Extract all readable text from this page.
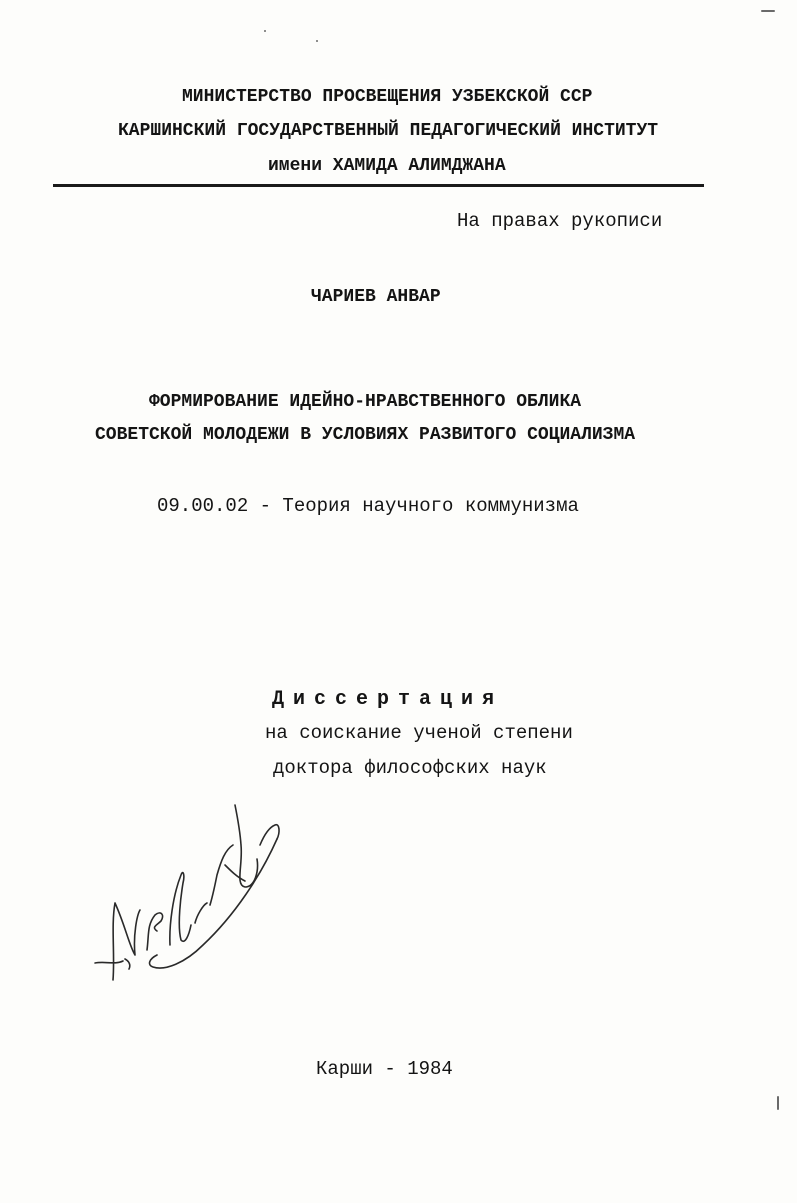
МИНИСТЕРСТВО ПРОСВЕЩЕНИЯ УЗБЕКСКОЙ ССР
КАРШИНСКИЙ ГОСУДАРСТВЕННЫЙ ПЕДАГОГИЧЕСКИЙ ИНСТИТУТ
имени ХАМИДА АЛИМДЖАНА
На правах рукописи
ЧАРИЕВ АНВАР
ФОРМИРОВАНИЕ ИДЕЙНО-НРАВСТВЕННОГО ОБЛИКА
СОВЕТСКОЙ МОЛОДЕЖИ В УСЛОВИЯХ РАЗВИТОГО СОЦИАЛИЗМА
09.00.02 - Теория научного коммунизма
Диссертация
на соискание ученой степени
доктора философских наук
Карши - 1984
